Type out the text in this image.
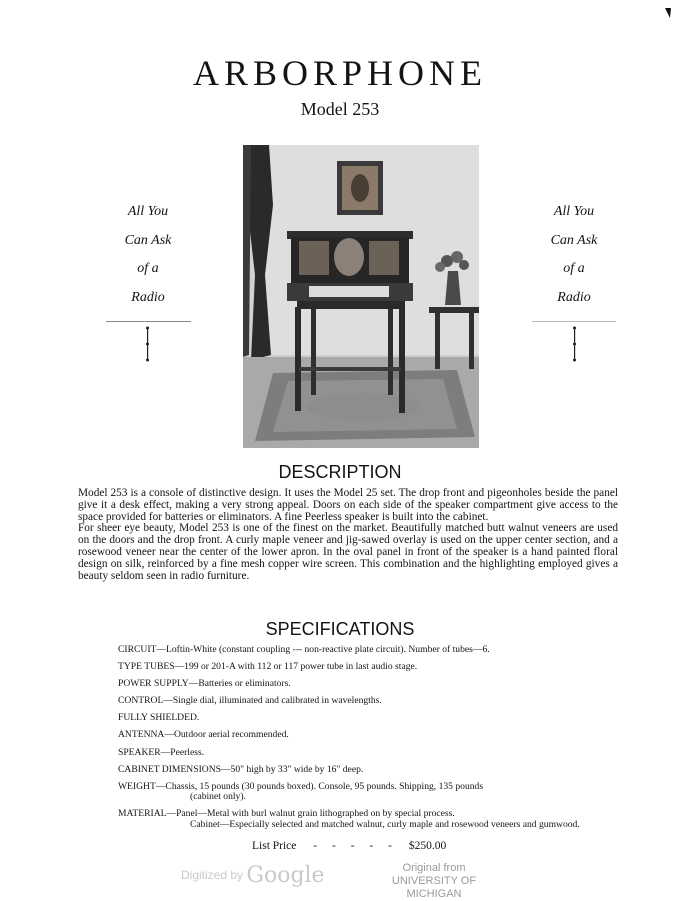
ARBORPHONE
Model 253
All You
Can Ask
of a
Radio
All You
Can Ask
of a
Radio
DESCRIPTION

Model 253 is a console of distinctive design. It uses the Model 25 set. The drop front and pigeonholes beside the panel give it a desk effect, making a very strong appeal. Doors on each side of the speaker compartment give access to the space provided for batteries or eliminators. A fine Peerless speaker is built into the cabinet.

For sheer eye beauty, Model 253 is one of the finest on the market. Beautifully matched butt walnut veneers are used on the doors and the drop front. A curly maple veneer and jig-sawed overlay is used on the upper center section, and a rosewood veneer near the center of the lower apron. In the oval panel in front of the speaker is a hand painted floral design on silk, reinforced by a fine mesh copper wire screen. This combination and the highlighting employed gives a beauty seldom seen in radio furniture.

SPECIFICATIONS
CIRCUIT—Loftin-White (constant coupling --- non-reactive plate circuit). Number of tubes—6.
TYPE TUBES—199 or 201-A with 112 or 117 power tube in last audio stage.
POWER SUPPLY—Batteries or eliminators.
CONTROL—Single dial, illuminated and calibrated in wavelengths.
FULLY SHIELDED.
ANTENNA—Outdoor aerial recommended.
SPEAKER—Peerless.
CABINET DIMENSIONS—50" high by 33" wide by 16" deep.
WEIGHT—Chassis, 15 pounds (30 pounds boxed). Console, 95 pounds. Shipping, 135 pounds
(cabinet only).
MATERIAL—Panel—Metal with burl walnut grain lithographed on by special process.
Cabinet—Especially selected and matched walnut, curly maple and rosewood veneers and gumwood.
List Price - - - - - $250.00
Digitized by Google	Original from
UNIVERSITY OF MICHIGAN
